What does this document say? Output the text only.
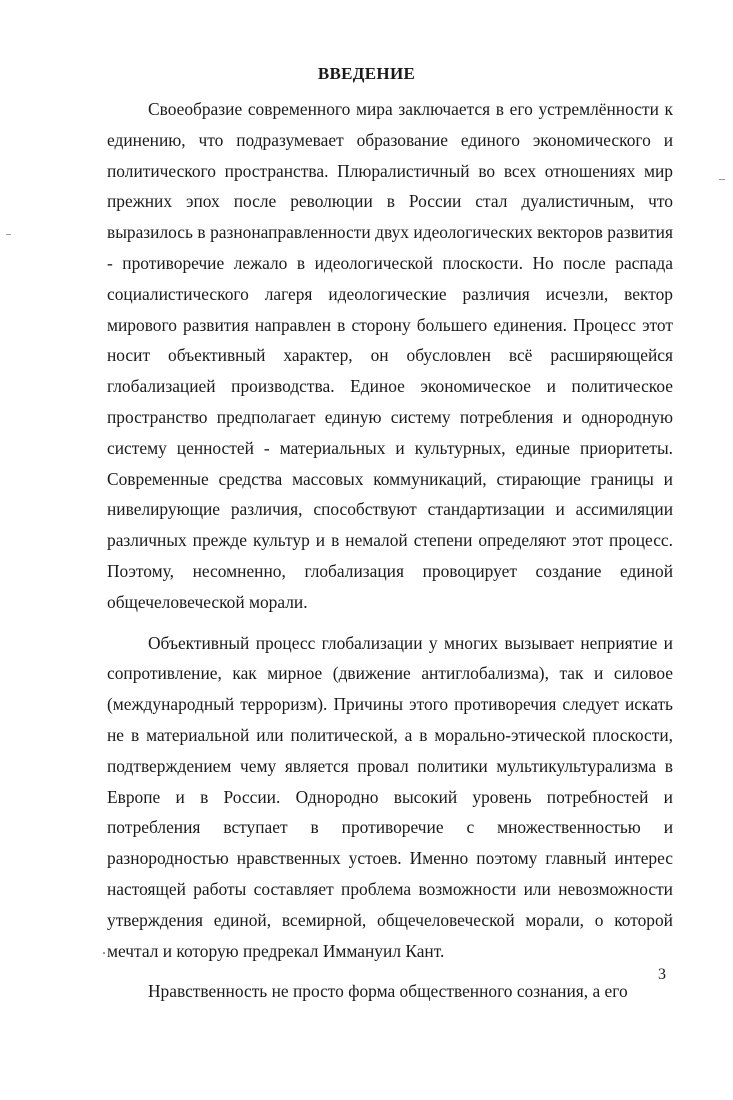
ВВЕДЕНИЕ

Своеобразие современного мира заключается в его устремлённости к единению, что подразумевает образование единого экономического и политического пространства. Плюралистичный во всех отношениях мир прежних эпох после революции в России стал дуалистичным, что выразилось в разнонаправленности двух идеологических векторов развития - противоречие лежало в идеологической плоскости. Но после распада социалистического лагеря идеологические различия исчезли, вектор мирового развития направлен в сторону большего единения. Процесс этот носит объективный характер, он обусловлен всё расширяющейся глобализацией производства. Единое экономическое и политическое пространство предполагает единую систему потребления и однородную систему ценностей - материальных и культурных, единые приоритеты. Современные средства массовых коммуникаций, стирающие границы и нивелирующие различия, способствуют стандартизации и ассимиляции различных прежде культур и в немалой степени определяют этот процесс. Поэтому, несомненно, глобализация провоцирует создание единой общечеловеческой морали.

Объективный процесс глобализации у многих вызывает неприятие и сопротивление, как мирное (движение антиглобализма), так и силовое (международный терроризм). Причины этого противоречия следует искать не в материальной или политической, а в морально-этической плоскости, подтверждением чему является провал политики мультикультурализма в Европе и в России. Однородно высокий уровень потребностей и потребления вступает в противоречие с множественностью и разнородностью нравственных устоев. Именно поэтому главный интерес настоящей работы составляет проблема возможности или невозможности утверждения единой, всемирной, общечеловеческой морали, о которой мечтал и которую предрекал Иммануил Кант.

Нравственность не просто форма общественного сознания, а его

3
